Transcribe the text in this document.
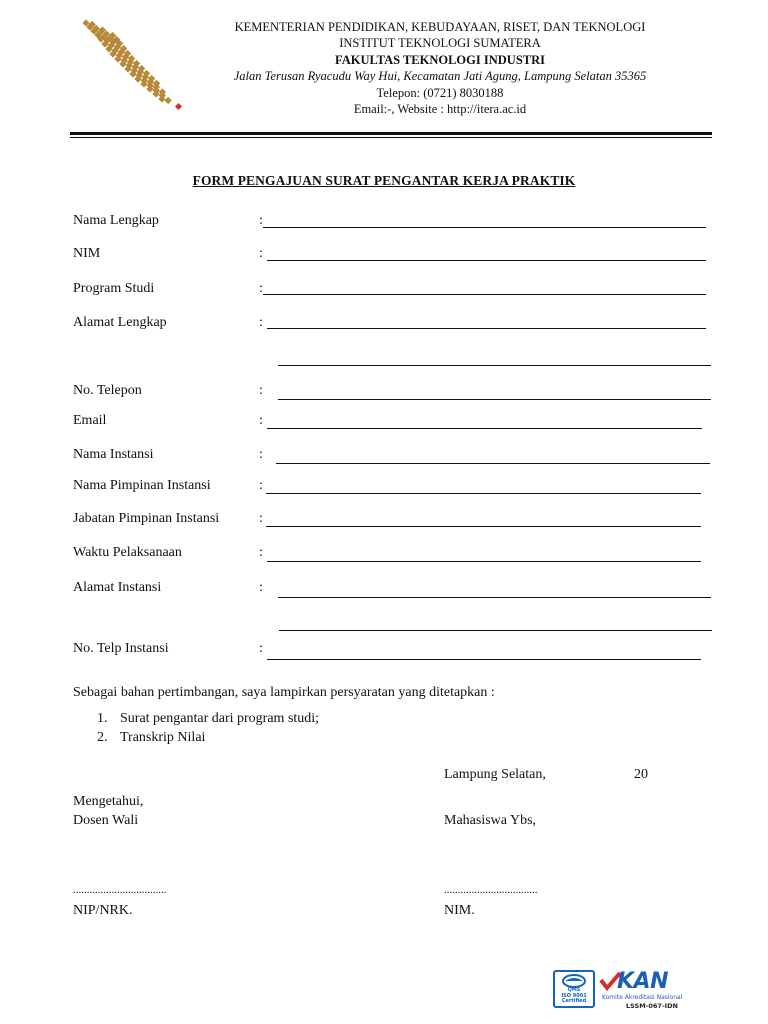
KEMENTERIAN PENDIDIKAN, KEBUDAYAAN, RISET, DAN TEKNOLOGI
INSTITUT TEKNOLOGI SUMATERA
FAKULTAS TEKNOLOGI INDUSTRI
Jalan Terusan Ryacudu Way Hui, Kecamatan Jati Agung, Lampung Selatan 35365
Telepon: (0721) 8030188
Email:-, Website : http://itera.ac.id
FORM PENGAJUAN SURAT PENGANTAR KERJA PRAKTIK
Nama Lengkap	:
NIM	:
Program Studi	:
Alamat Lengkap	:
No. Telepon	:
Email	:
Nama Instansi	:
Nama Pimpinan Instansi	:
Jabatan Pimpinan Instansi	:
Waktu Pelaksanaan	:
Alamat Instansi	:
No. Telp Instansi	:
Sebagai bahan pertimbangan, saya lampirkan persyaratan yang ditetapkan :
1. Surat pengantar dari program studi;
2. Transkrip Nilai
Lampung Selatan,	20
Mengetahui,
Dosen Wali	Mahasiswa Ybs,
..................................	..................................
NIP/NRK.	NIM.
QMS
ISO 9001
Certified
KAN
Komite Akreditasi Nasional
LSSM-067-IDN
